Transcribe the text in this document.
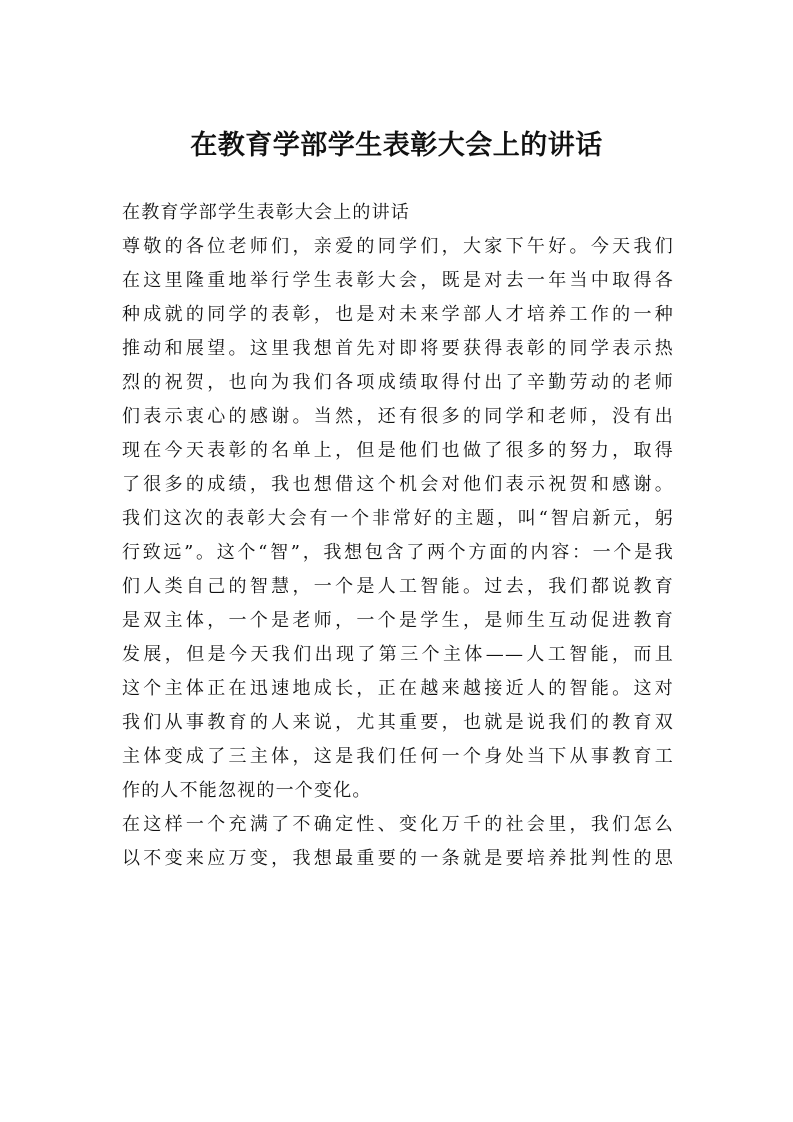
在教育学部学生表彰大会上的讲话
在教育学部学生表彰大会上的讲话
尊敬的各位老师们，亲爱的同学们，大家下午好。今天我们
在这里隆重地举行学生表彰大会，既是对去一年当中取得各
种成就的同学的表彰，也是对未来学部人才培养工作的一种
推动和展望。这里我想首先对即将要获得表彰的同学表示热
烈的祝贺，也向为我们各项成绩取得付出了辛勤劳动的老师
们表示衷心的感谢。当然，还有很多的同学和老师，没有出
现在今天表彰的名单上，但是他们也做了很多的努力，取得
了很多的成绩，我也想借这个机会对他们表示祝贺和感谢。
我们这次的表彰大会有一个非常好的主题，叫“智启新元，躬
行致远”。这个“智”，我想包含了两个方面的内容：一个是我
们人类自己的智慧，一个是人工智能。过去，我们都说教育
是双主体，一个是老师，一个是学生，是师生互动促进教育
发展，但是今天我们出现了第三个主体——人工智能，而且
这个主体正在迅速地成长，正在越来越接近人的智能。这对
我们从事教育的人来说，尤其重要，也就是说我们的教育双
主体变成了三主体，这是我们任何一个身处当下从事教育工
作的人不能忽视的一个变化。
在这样一个充满了不确定性、变化万千的社会里，我们怎么
以不变来应万变，我想最重要的一条就是要培养批判性的思
